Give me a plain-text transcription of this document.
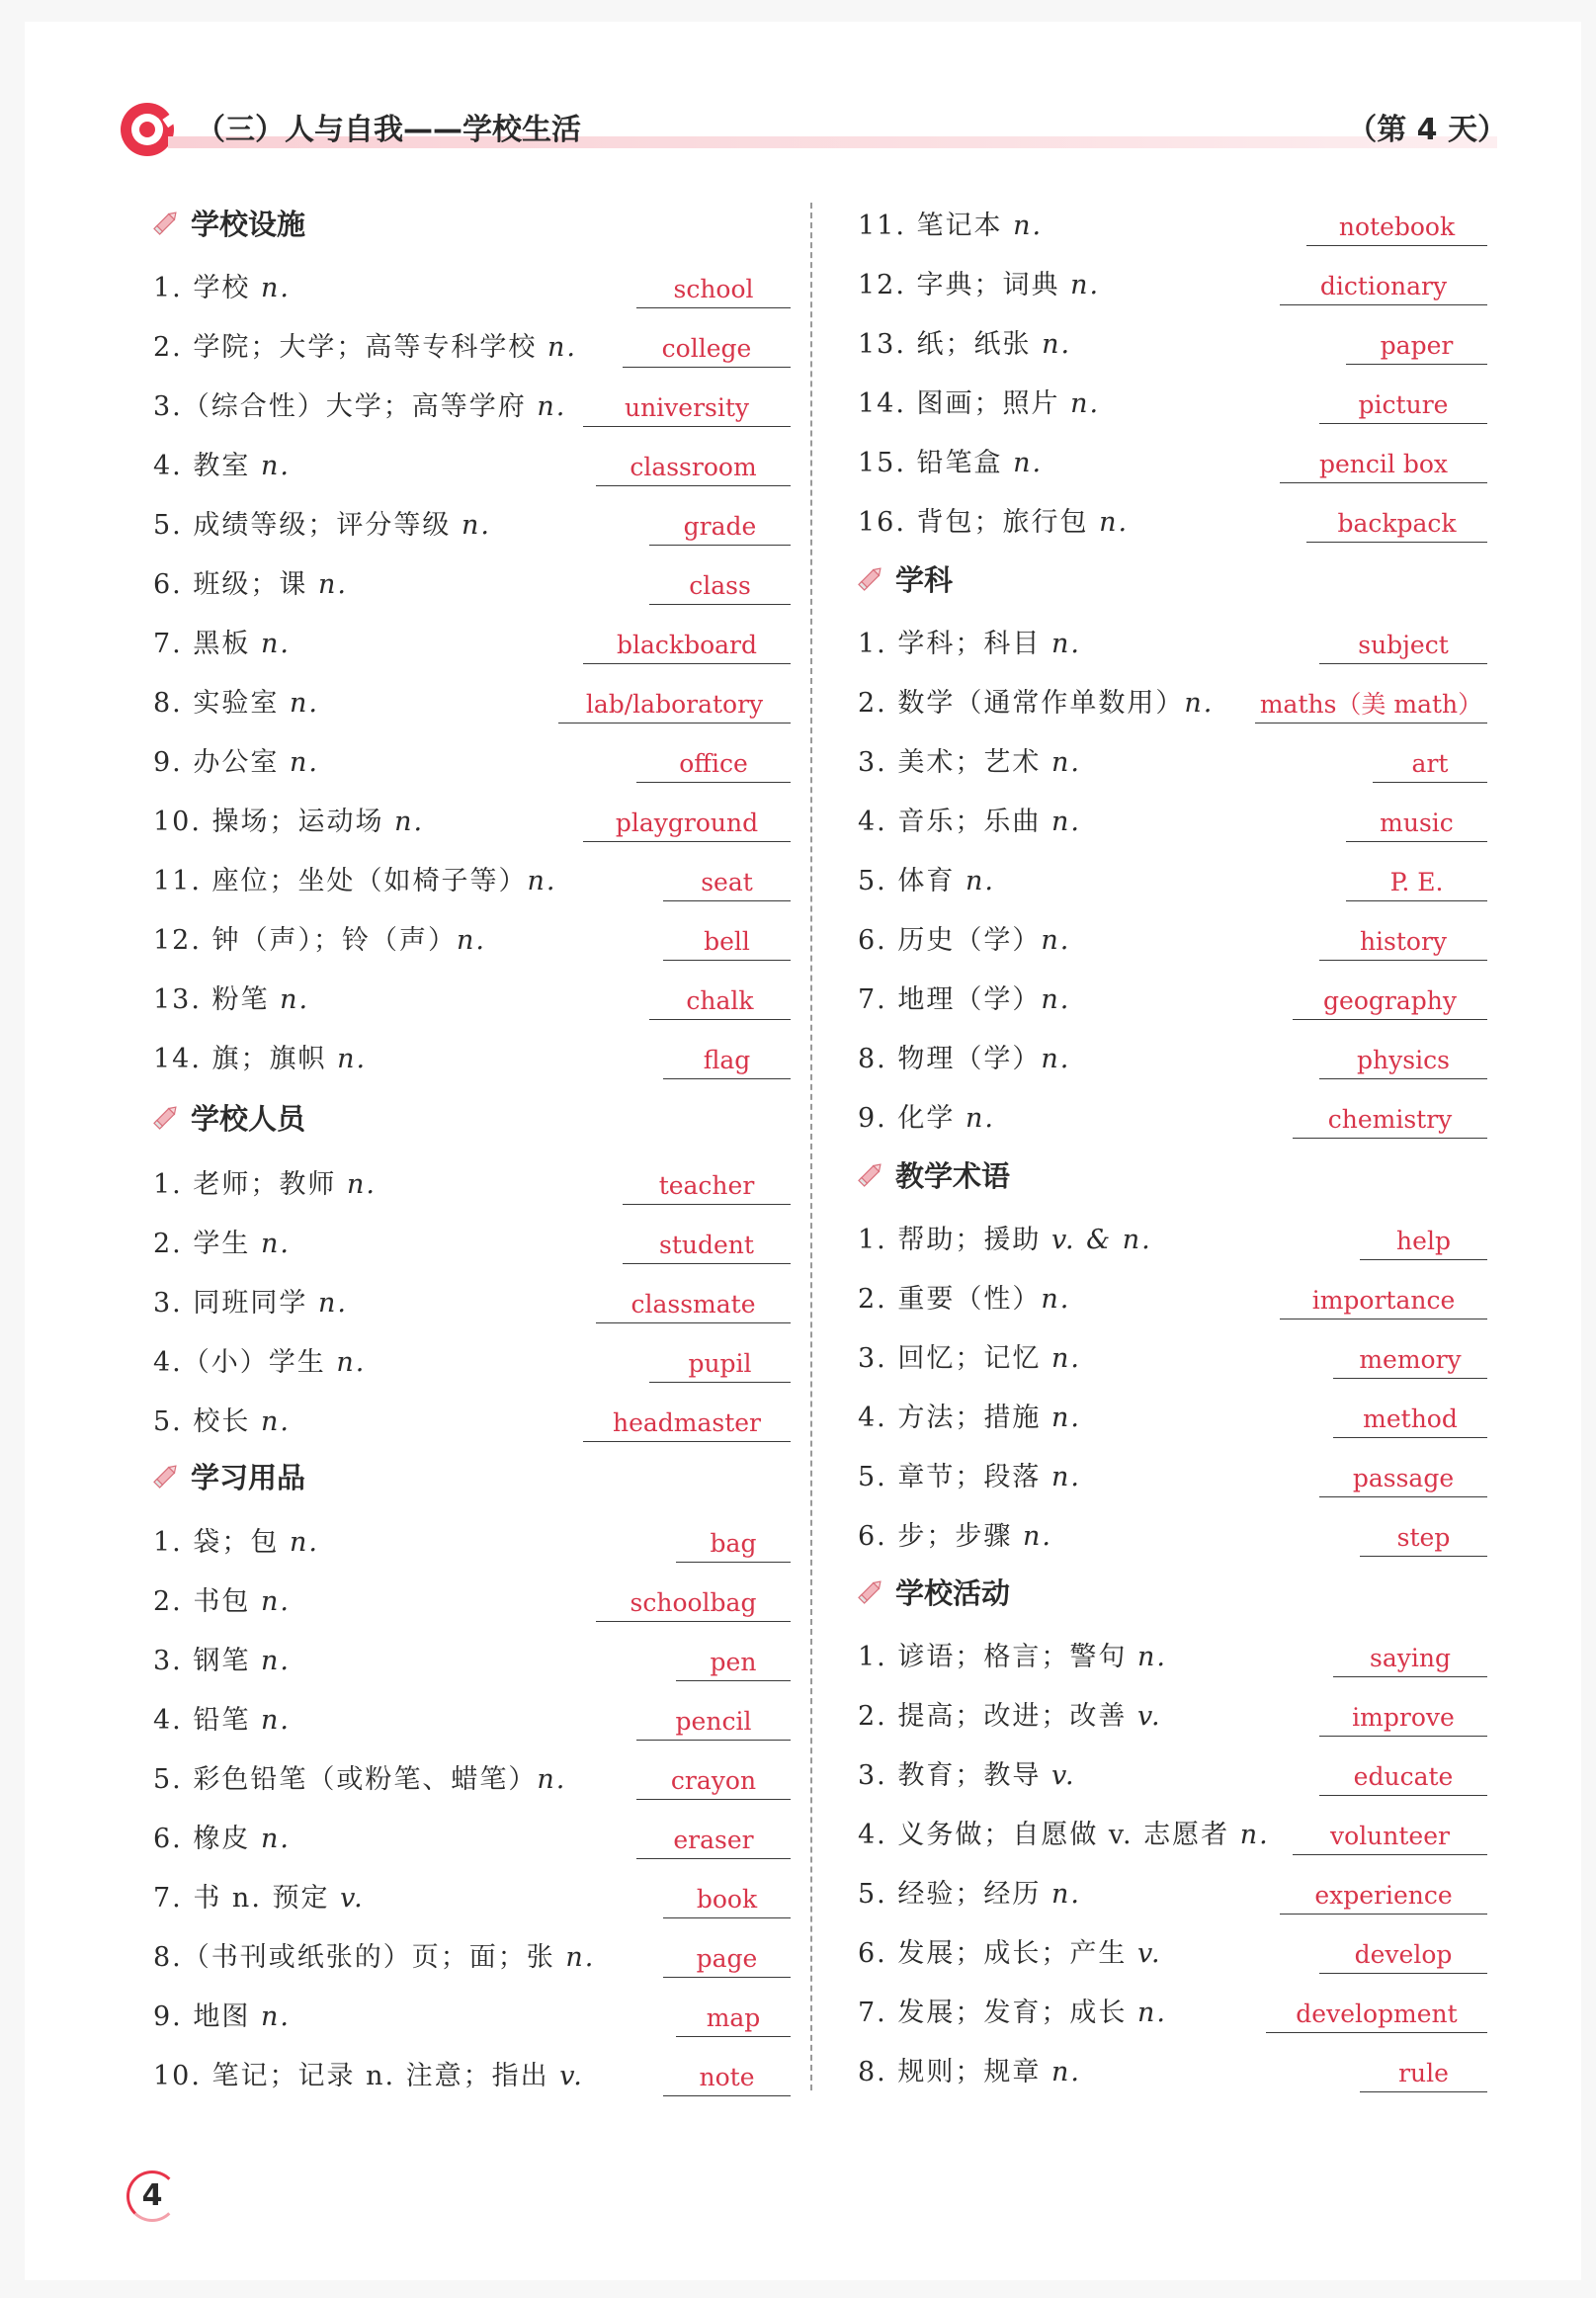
（三）人与自我——学校生活	（第 4 天）
学校设施
1. 学校 n.	school
2. 学院；大学；高等专科学校 n.	college
3.（综合性）大学；高等学府 n.	university
4. 教室 n.	classroom
5. 成绩等级；评分等级 n.	grade
6. 班级；课 n.	class
7. 黑板 n.	blackboard
8. 实验室 n.	lab/laboratory
9. 办公室 n.	office
10. 操场；运动场 n.	playground
11. 座位；坐处（如椅子等）n.	seat
12. 钟（声）；铃（声）n.	bell
13. 粉笔 n.	chalk
14. 旗；旗帜 n.	flag
学校人员
1. 老师；教师 n.	teacher
2. 学生 n.	student
3. 同班同学 n.	classmate
4.（小）学生 n.	pupil
5. 校长 n.	headmaster
学习用品
1. 袋；包 n.	bag
2. 书包 n.	schoolbag
3. 钢笔 n.	pen
4. 铅笔 n.	pencil
5. 彩色铅笔（或粉笔、蜡笔）n.	crayon
6. 橡皮 n.	eraser
7. 书 n. 预定 v.	book
8.（书刊或纸张的）页；面；张 n.	page
9. 地图 n.	map
10. 笔记；记录 n. 注意；指出 v.	note
11. 笔记本 n.	notebook
12. 字典；词典 n.	dictionary
13. 纸；纸张 n.	paper
14. 图画；照片 n.	picture
15. 铅笔盒 n.	pencil box
16. 背包；旅行包 n.	backpack
学科
1. 学科；科目 n.	subject
2. 数学（通常作单数用）n. maths（美 math）
3. 美术；艺术 n.	art
4. 音乐；乐曲 n.	music
5. 体育 n.	P. E.
6. 历史（学）n.	history
7. 地理（学）n.	geography
8. 物理（学）n.	physics
9. 化学 n.	chemistry
教学术语
1. 帮助；援助 v. & n.	help
2. 重要（性）n.	importance
3. 回忆；记忆 n.	memory
4. 方法；措施 n.	method
5. 章节；段落 n.	passage
6. 步；步骤 n.	step
学校活动
1. 谚语；格言；警句 n.	saying
2. 提高；改进；改善 v.	improve
3. 教育；教导 v.	educate
4. 义务做；自愿做 v. 志愿者 n.	volunteer
5. 经验；经历 n.	experience
6. 发展；成长；产生 v.	develop
7. 发展；发育；成长 n.	development
8. 规则；规章 n.	rule
4
